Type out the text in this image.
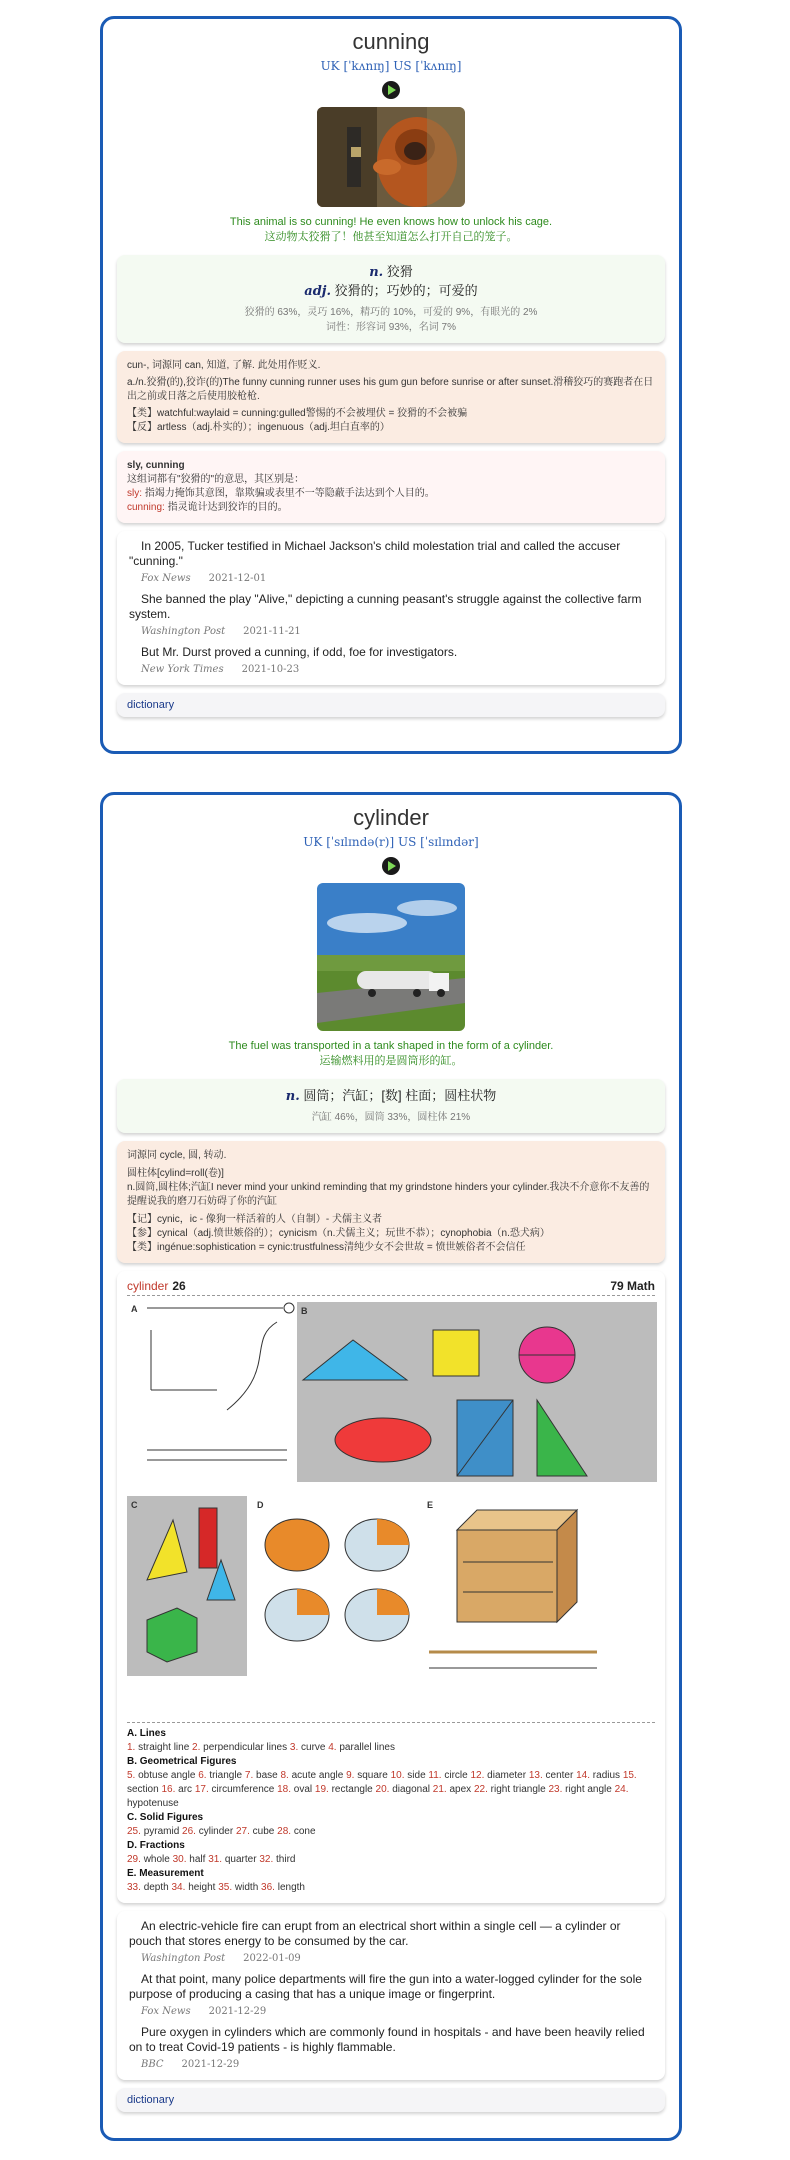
cunning
UK [ˈkʌnɪŋ] US [ˈkʌnɪŋ]
This animal is so cunning! He even knows how to unlock his cage.
这动物太狡猾了！他甚至知道怎么打开自己的笼子。
n. 狡猾
adj. 狡猾的；巧妙的；可爱的
狡猾的 63%，灵巧 16%，精巧的 10%，可爱的 9%，有眼光的 2%
词性：形容词 93%，名词 7%
cun-, 词源同 can, 知道, 了解. 此处用作贬义.
a./n.狡猾(的),狡诈(的)The funny cunning runner uses his gum gun before sunrise or after sunset.滑稽狡巧的赛跑者在日出之前或日落之后使用胶枪枪.
【类】watchful:waylaid = cunning:gulled警惕的不会被埋伏 = 狡猾的不会被骗
【反】artless（adj.朴实的）；ingenuous（adj.坦白直率的）
sly, cunning
这组词都有"狡猾的"的意思，其区别是：
sly: 指竭力掩饰其意图，靠欺骗或表里不一等隐蔽手法达到个人目的。
cunning: 指灵诡计达到狡诈的目的。
In 2005, Tucker testified in Michael Jackson's child molestation trial and called the accuser "cunning."
Fox News 2021-12-01
She banned the play "Alive," depicting a cunning peasant's struggle against the collective farm system.
Washington Post 2021-11-21
But Mr. Durst proved a cunning, if odd, foe for investigators.
New York Times 2021-10-23
dictionary
cylinder
UK [ˈsɪlɪndə(r)] US [ˈsɪlɪndər]
The fuel was transported in a tank shaped in the form of a cylinder.
运输燃料用的是圆筒形的缸。
n. 圆筒；汽缸；[数] 柱面；圆柱状物
汽缸 46%，圆筒 33%，圆柱体 21%
词源同 cycle, 圆, 转动.
圆柱体[cylind=roll(卷)]
n.圆筒,圆柱体;汽缸I never mind your unkind reminding that my grindstone hinders your cylinder.我决不介意你不友善的提醒说我的磨刀石妨碍了你的汽缸
【记】cynic，ic - 像狗一样活着的人（自制）- 犬儒主义者
【参】cynical（adj.愤世嫉俗的）；cynicism（n.犬儒主义；玩世不恭）；cynophobia（n.恐犬病）
【类】ingénue:sophistication = cynic:trustfulness清纯少女不会世故 = 愤世嫉俗者不会信任
cylinder 26	79 Math
A	B
C	D	E
A. Lines
1. straight line 2. perpendicular lines 3. curve 4. parallel lines
B. Geometrical Figures
5. obtuse angle 6. triangle 7. base 8. acute angle 9. square 10. side 11. circle 12. diameter 13. center 14. radius 15. section 16. arc 17. circumference 18. oval 19. rectangle 20. diagonal 21. apex 22. right triangle 23. right angle 24. hypotenuse
C. Solid Figures
25. pyramid 26. cylinder 27. cube 28. cone
D. Fractions
29. whole 30. half 31. quarter 32. third
E. Measurement
33. depth 34. height 35. width 36. length
An electric-vehicle fire can erupt from an electrical short within a single cell — a cylinder or pouch that stores energy to be consumed by the car.
Washington Post 2022-01-09
At that point, many police departments will fire the gun into a water-logged cylinder for the sole purpose of producing a casing that has a unique image or fingerprint.
Fox News 2021-12-29
Pure oxygen in cylinders which are commonly found in hospitals - and have been heavily relied on to treat Covid-19 patients - is highly flammable.
BBC 2021-12-29
dictionary
